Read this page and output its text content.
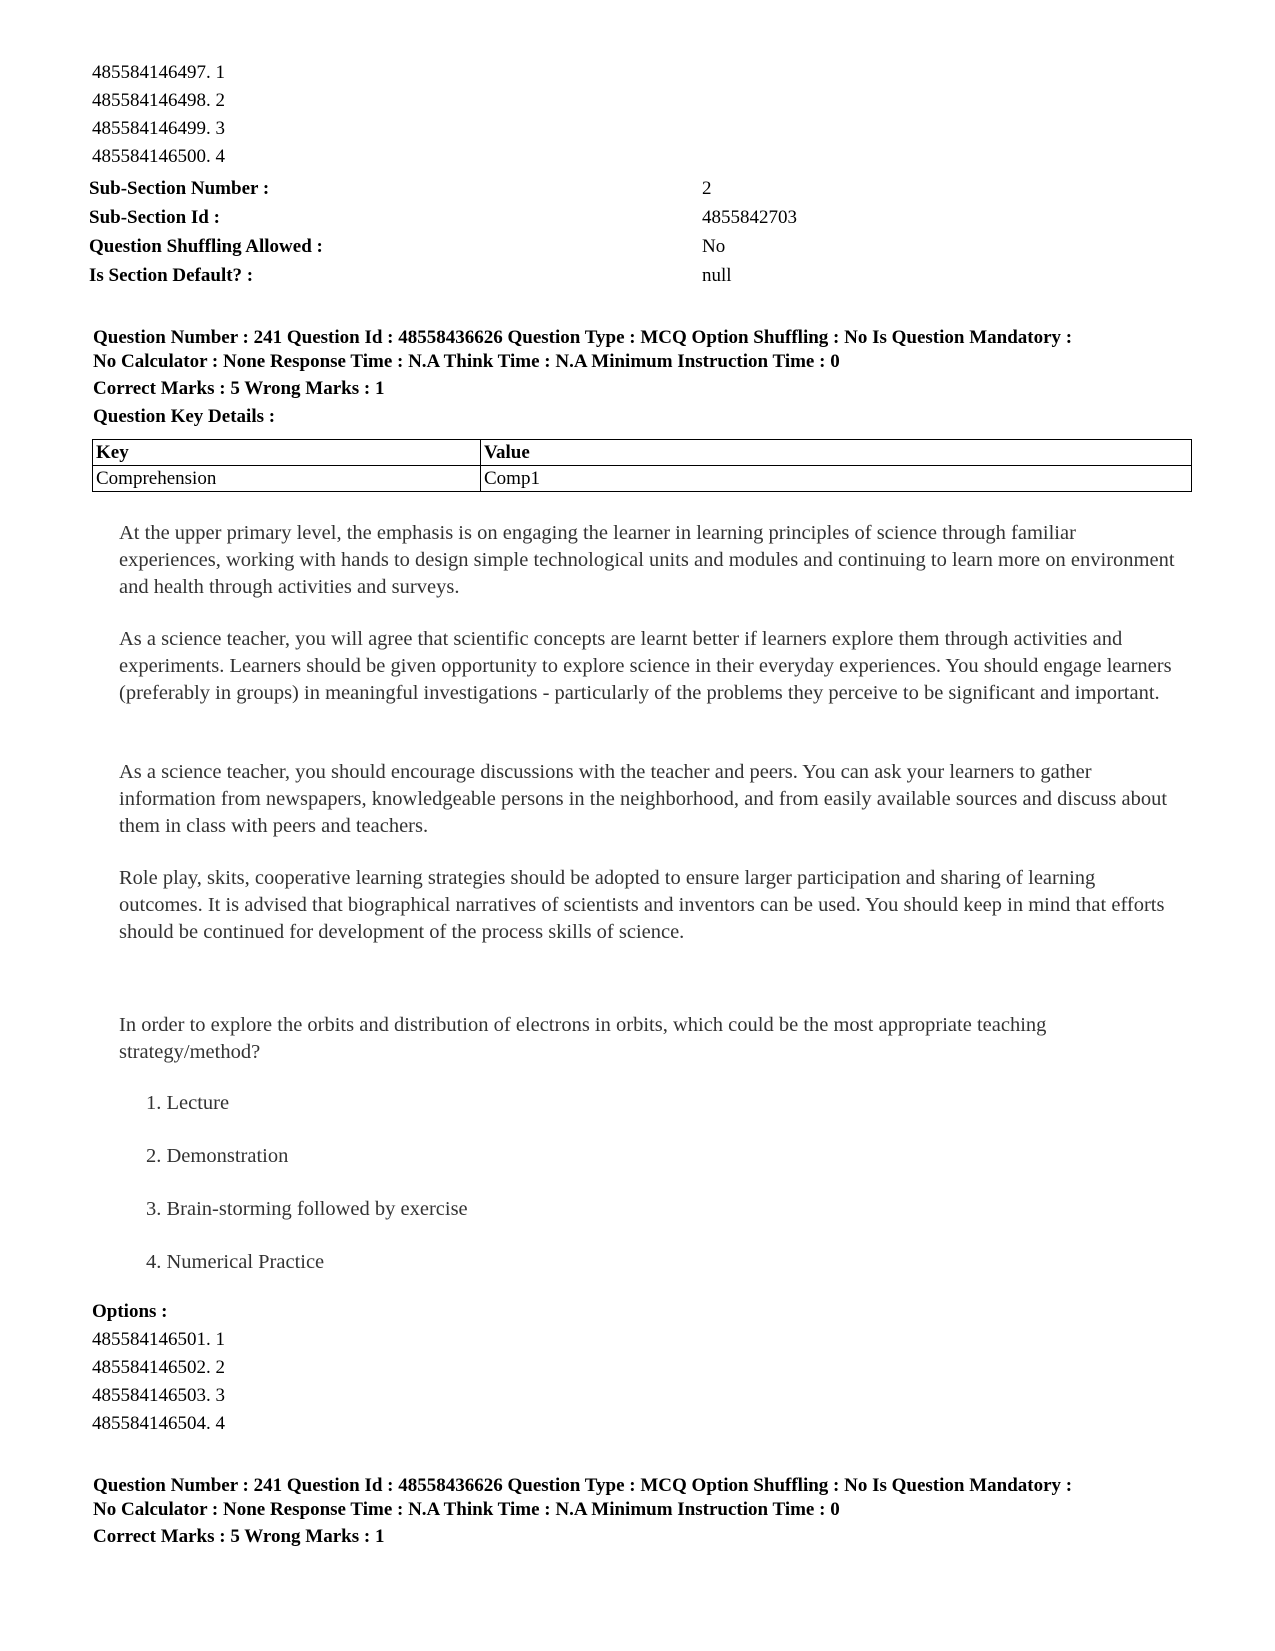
485584146497. 1
485584146498. 2
485584146499. 3
485584146500. 4
Sub-Section Number :	2
Sub-Section Id :	4855842703
Question Shuffling Allowed :	No
Is Section Default? :	null
Question Number : 241 Question Id : 48558436626 Question Type : MCQ Option Shuffling : No Is Question Mandatory :
No Calculator : None Response Time : N.A Think Time : N.A Minimum Instruction Time : 0
Correct Marks : 5 Wrong Marks : 1
Question Key Details :
Key	Value
Comprehension	Comp1

At the upper primary level, the emphasis is on engaging the learner in learning principles of science through familiar experiences, working with hands to design simple technological units and modules and continuing to learn more on environment and health through activities and surveys.

As a science teacher, you will agree that scientific concepts are learnt better if learners explore them through activities and experiments. Learners should be given opportunity to explore science in their everyday experiences. You should engage learners (preferably in groups) in meaningful investigations - particularly of the problems they perceive to be significant and important.

As a science teacher, you should encourage discussions with the teacher and peers. You can ask your learners to gather information from newspapers, knowledgeable persons in the neighborhood, and from easily available sources and discuss about them in class with peers and teachers.

Role play, skits, cooperative learning strategies should be adopted to ensure larger participation and sharing of learning outcomes. It is advised that biographical narratives of scientists and inventors can be used. You should keep in mind that efforts should be continued for development of the process skills of science.

In order to explore the orbits and distribution of electrons in orbits, which could be the most appropriate teaching strategy/method?

1. Lecture
2. Demonstration
3. Brain-storming followed by exercise
4. Numerical Practice
Options :
485584146501. 1
485584146502. 2
485584146503. 3
485584146504. 4
Question Number : 241 Question Id : 48558436626 Question Type : MCQ Option Shuffling : No Is Question Mandatory :
No Calculator : None Response Time : N.A Think Time : N.A Minimum Instruction Time : 0
Correct Marks : 5 Wrong Marks : 1
